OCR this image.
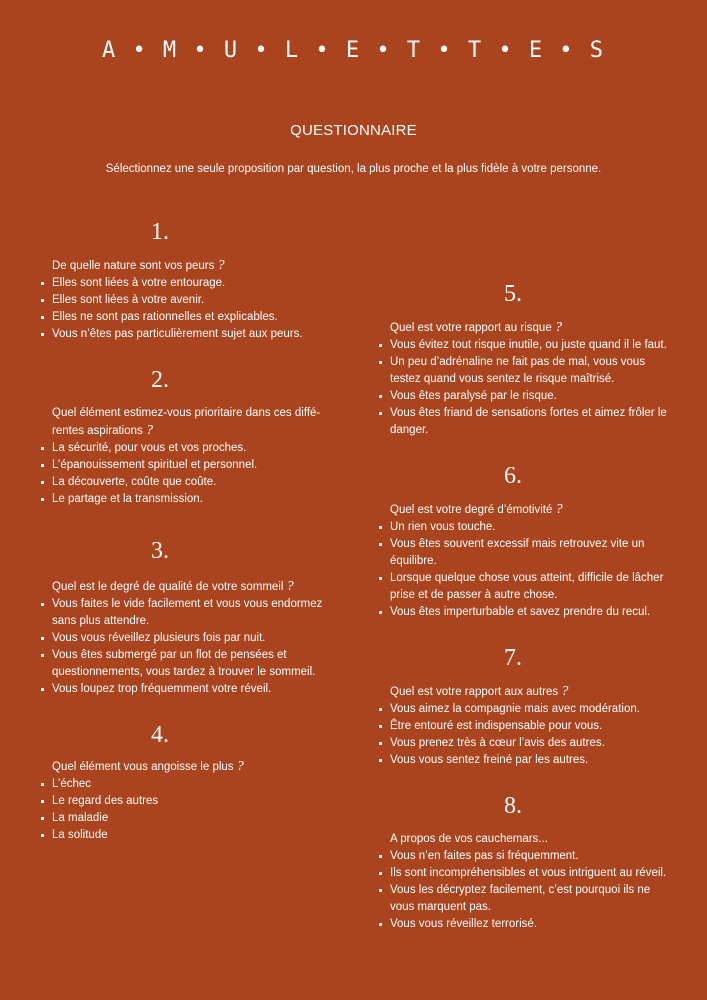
A • M • U • L • E • T • T • E • S
QUESTIONNAIRE
Sélectionnez une seule proposition par question, la plus proche et la plus fidèle à votre personne.
1.
De quelle nature sont vos peurs ?
Elles sont liées à votre entourage.
Elles sont liées à votre avenir.
Elles ne sont pas rationnelles et explicables.
Vous n’êtes pas particulièrement sujet aux peurs.
2.
Quel élément estimez-vous prioritaire dans ces diffé-rentes aspirations ?
La sécurité, pour vous et vos proches.
L’épanouissement spirituel et personnel.
La découverte, coûte que coûte.
Le partage et la transmission.
3.
Quel est le degré de qualité de votre sommeil ?
Vous faites le vide facilement et vous vous endormez sans plus attendre.
Vous vous réveillez plusieurs fois par nuit.
Vous êtes submergé par un flot de pensées et questionnements, vous tardez à trouver le sommeil.
Vous loupez trop fréquemment votre réveil.
4.
Quel élément vous angoisse le plus ?
L’échec
Le regard des autres
La maladie
La solitude
5.
Quel est votre rapport au risque ?
Vous évitez tout risque inutile, ou juste quand il le faut.
Un peu d’adrénaline ne fait pas de mal, vous vous testez quand vous sentez le risque maîtrisé.
Vous êtes paralysé par le risque.
Vous êtes friand de sensations fortes et aimez frôler le danger.
6.
Quel est votre degré d’émotivité ?
Un rien vous touche.
Vous êtes souvent excessif mais retrouvez vite un équilibre.
Lorsque quelque chose vous atteint, difficile de lâcher prise et de passer à autre chose.
Vous êtes imperturbable et savez prendre du recul.
7.
Quel est votre rapport aux autres ?
Vous aimez la compagnie mais avec modération.
Être entouré est indispensable pour vous.
Vous prenez très à cœur l’avis des autres.
Vous vous sentez freiné par les autres.
8.
A propos de vos cauchemars...
Vous n’en faites pas si fréquemment.
Ils sont incompréhensibles et vous intriguent au réveil.
Vous les décryptez facilement, c’est pourquoi ils ne vous marquent pas.
Vous vous réveillez terrorisé.
